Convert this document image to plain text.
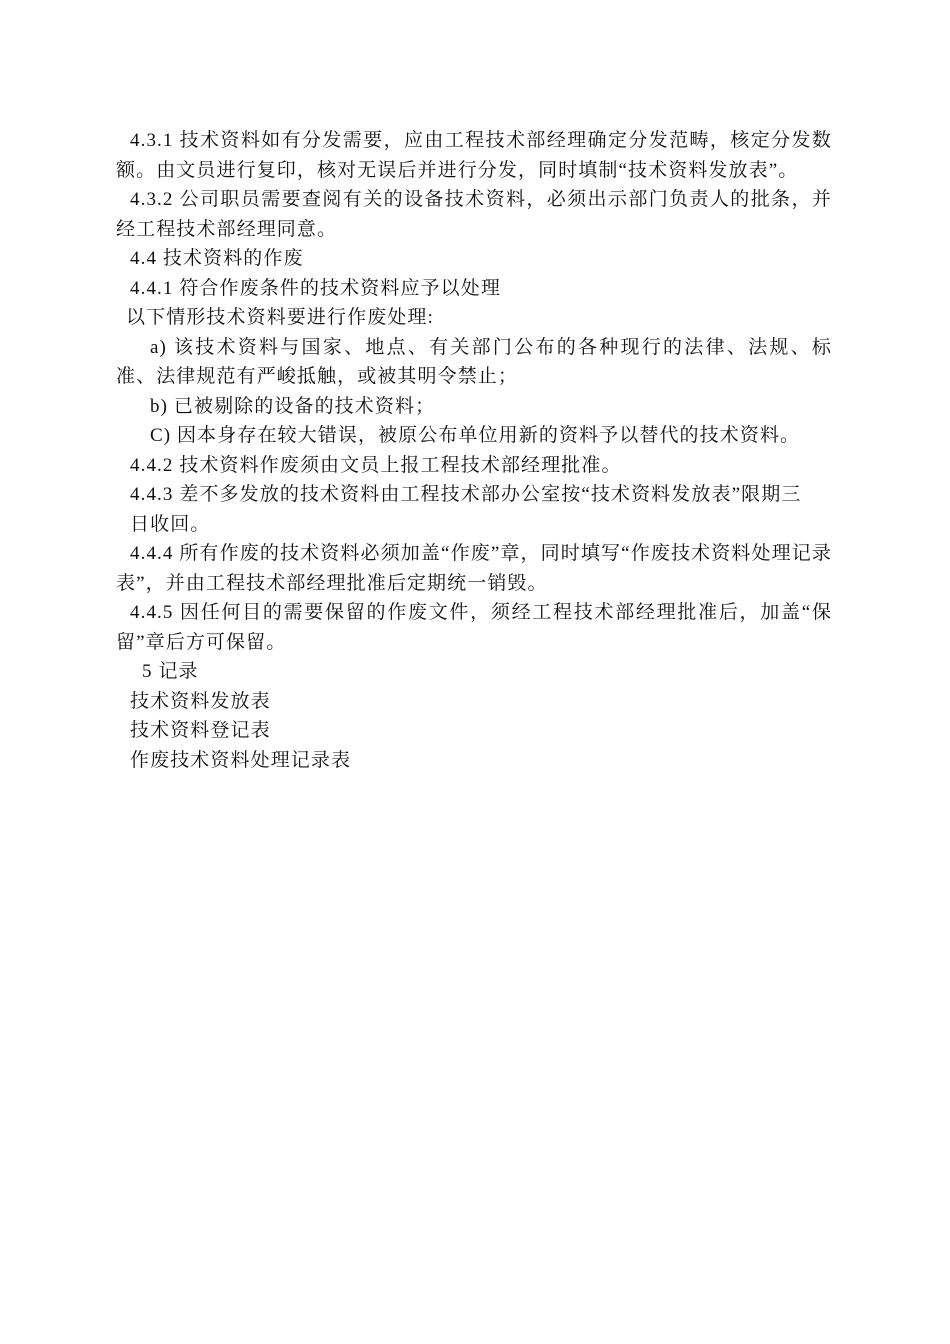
4.3.1 技术资料如有分发需要，应由工程技术部经理确定分发范畴，核定分发数额。由文员进行复印，核对无误后并进行分发，同时填制“技术资料发放表”。

4.3.2 公司职员需要查阅有关的设备技术资料，必须出示部门负责人的批条，并经工程技术部经理同意。

4.4 技术资料的作废

4.4.1 符合作废条件的技术资料应予以处理

以下情形技术资料要进行作废处理:

a) 该技术资料与国家、地点、有关部门公布的各种现行的法律、法规、标准、法律规范有严峻抵触，或被其明令禁止；

b) 已被剔除的设备的技术资料；

C) 因本身存在较大错误，被原公布单位用新的资料予以替代的技术资料。

4.4.2 技术资料作废须由文员上报工程技术部经理批准。

4.4.3 差不多发放的技术资料由工程技术部办公室按“技术资料发放表”限期三

日收回。

4.4.4 所有作废的技术资料必须加盖“作废”章，同时填写“作废技术资料处理记录表”，并由工程技术部经理批准后定期统一销毁。

4.4.5 因任何目的需要保留的作废文件，须经工程技术部经理批准后，加盖“保留”章后方可保留。

5 记录

技术资料发放表

技术资料登记表

作废技术资料处理记录表
